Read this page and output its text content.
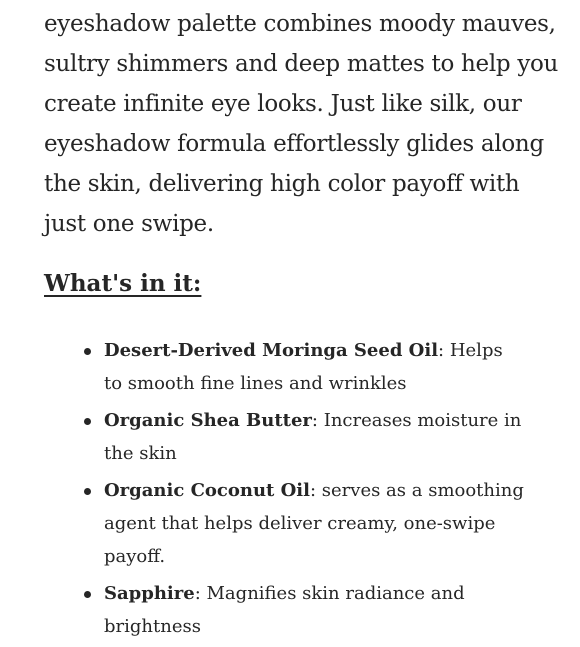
eyeshadow palette combines moody mauves, sultry shimmers and deep mattes to help you create infinite eye looks. Just like silk, our eyeshadow formula effortlessly glides along the skin, delivering high color payoff with just one swipe.

What's in it:
Desert-Derived Moringa Seed Oil: Helps to smooth fine lines and wrinkles
Organic Shea Butter: Increases moisture in the skin
Organic Coconut Oil: serves as a smoothing agent that helps deliver creamy, one-swipe payoff.
Sapphire: Magnifies skin radiance and brightness
